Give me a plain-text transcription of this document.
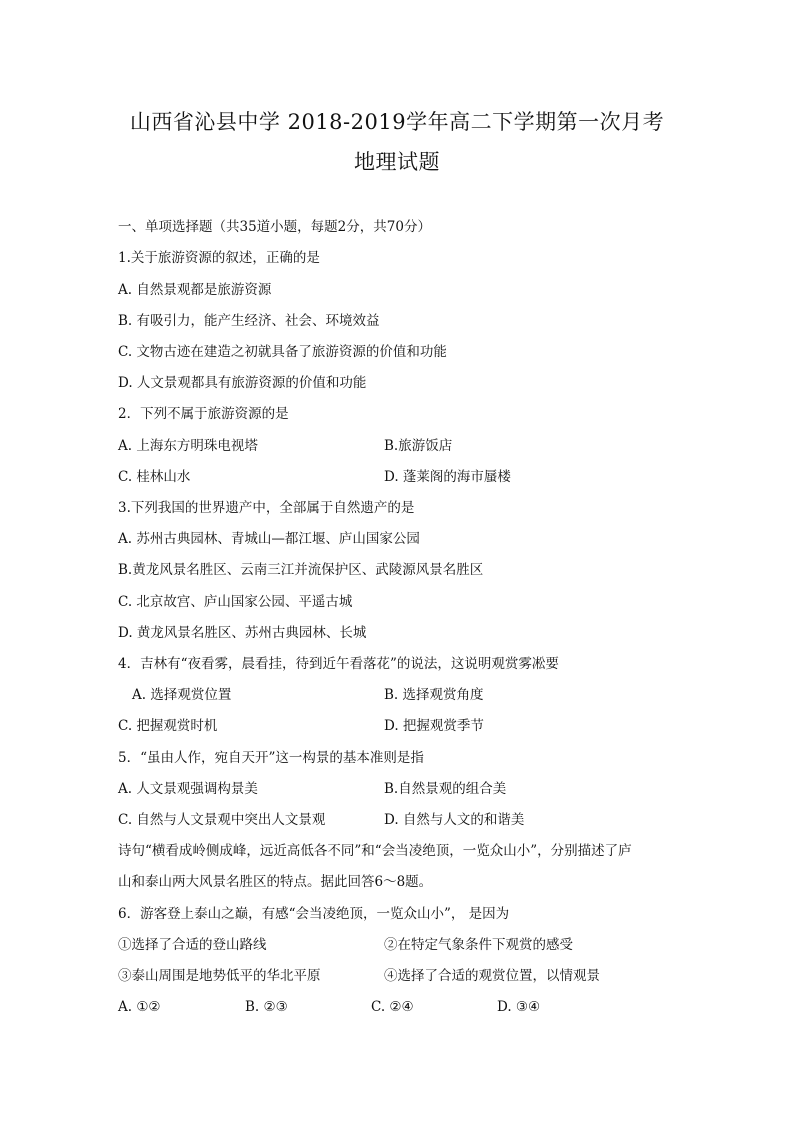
山西省沁县中学 2018-2019学年高二下学期第一次月考
地理试题
一、单项选择题（共35道小题，每题2分，共70分）
1.关于旅游资源的叙述，正确的是
A. 自然景观都是旅游资源
B. 有吸引力，能产生经济、社会、环境效益
C. 文物古迹在建造之初就具备了旅游资源的价值和功能
D. 人文景观都具有旅游资源的价值和功能
2．下列不属于旅游资源的是
A. 上海东方明珠电视塔	B.旅游饭店
C. 桂林山水	D. 蓬莱阁的海市蜃楼
3.下列我国的世界遗产中，全部属于自然遗产的是
A. 苏州古典园林、青城山—都江堰、庐山国家公园
B.黄龙风景名胜区、云南三江并流保护区、武陵源风景名胜区
C. 北京故宫、庐山国家公园、平遥古城
D. 黄龙风景名胜区、苏州古典园林、长城
4．吉林有“夜看雾，晨看挂，待到近午看落花”的说法，这说明观赏雾凇要
A. 选择观赏位置	B. 选择观赏角度
C. 把握观赏时机	D. 把握观赏季节
5．“虽由人作，宛自天开”这一构景的基本准则是指
A. 人文景观强调构景美	B.自然景观的组合美
C. 自然与人文景观中突出人文景观	D. 自然与人文的和谐美
诗句“横看成岭侧成峰，远近高低各不同”和“会当凌绝顶，一览众山小”，分别描述了庐
山和泰山两大风景名胜区的特点。据此回答6～8题。
6．游客登上泰山之巅，有感“会当凌绝顶，一览众山小”， 是因为
①选择了合适的登山路线	②在特定气象条件下观赏的感受
③泰山周围是地势低平的华北平原	④选择了合适的观赏位置，以情观景
A. ①②	B. ②③	C. ②④	D. ③④
